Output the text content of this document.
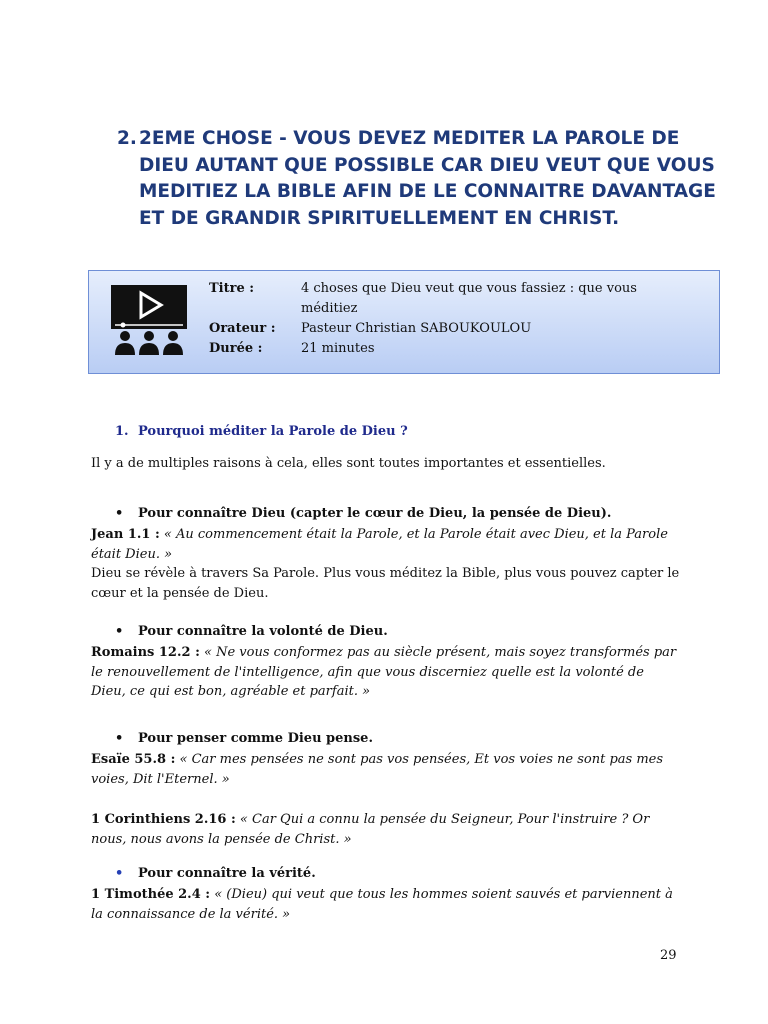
2. 2EME CHOSE - VOUS DEVEZ MEDITER LA PAROLE DE DIEU AUTANT QUE POSSIBLE CAR DIEU VEUT QUE VOUS MEDITIEZ LA BIBLE AFIN DE LE CONNAITRE DAVANTAGE ET DE GRANDIR SPIRITUELLEMENT EN CHRIST.
Titre :	4 choses que Dieu veut que vous fassiez : que vous méditiez
Orateur :	Pasteur Christian SABOUKOULOU
Durée :	21 minutes
1. Pourquoi méditer la Parole de Dieu ?
Il y a de multiples raisons à cela, elles sont toutes importantes et essentielles.
•	Pour connaître Dieu (capter le cœur de Dieu, la pensée de Dieu).
Jean 1.1 : « Au commencement était la Parole, et la Parole était avec Dieu, et la Parole était Dieu. »
Dieu se révèle à travers Sa Parole. Plus vous méditez la Bible, plus vous pouvez capter le cœur et la pensée de Dieu.
•	Pour connaître la volonté de Dieu.
Romains 12.2 : « Ne vous conformez pas au siècle présent, mais soyez transformés par le renouvellement de l'intelligence, afin que vous discerniez quelle est la volonté de Dieu, ce qui est bon, agréable et parfait. »
•	Pour penser comme Dieu pense.
Esaïe 55.8 : « Car mes pensées ne sont pas vos pensées, Et vos voies ne sont pas mes voies, Dit l'Eternel. »
1 Corinthiens 2.16 : « Car Qui a connu la pensée du Seigneur, Pour l'instruire ? Or nous, nous avons la pensée de Christ. »
•	Pour connaître la vérité.
1 Timothée 2.4 : « (Dieu) qui veut que tous les hommes soient sauvés et parviennent à la connaissance de la vérité. »
29
